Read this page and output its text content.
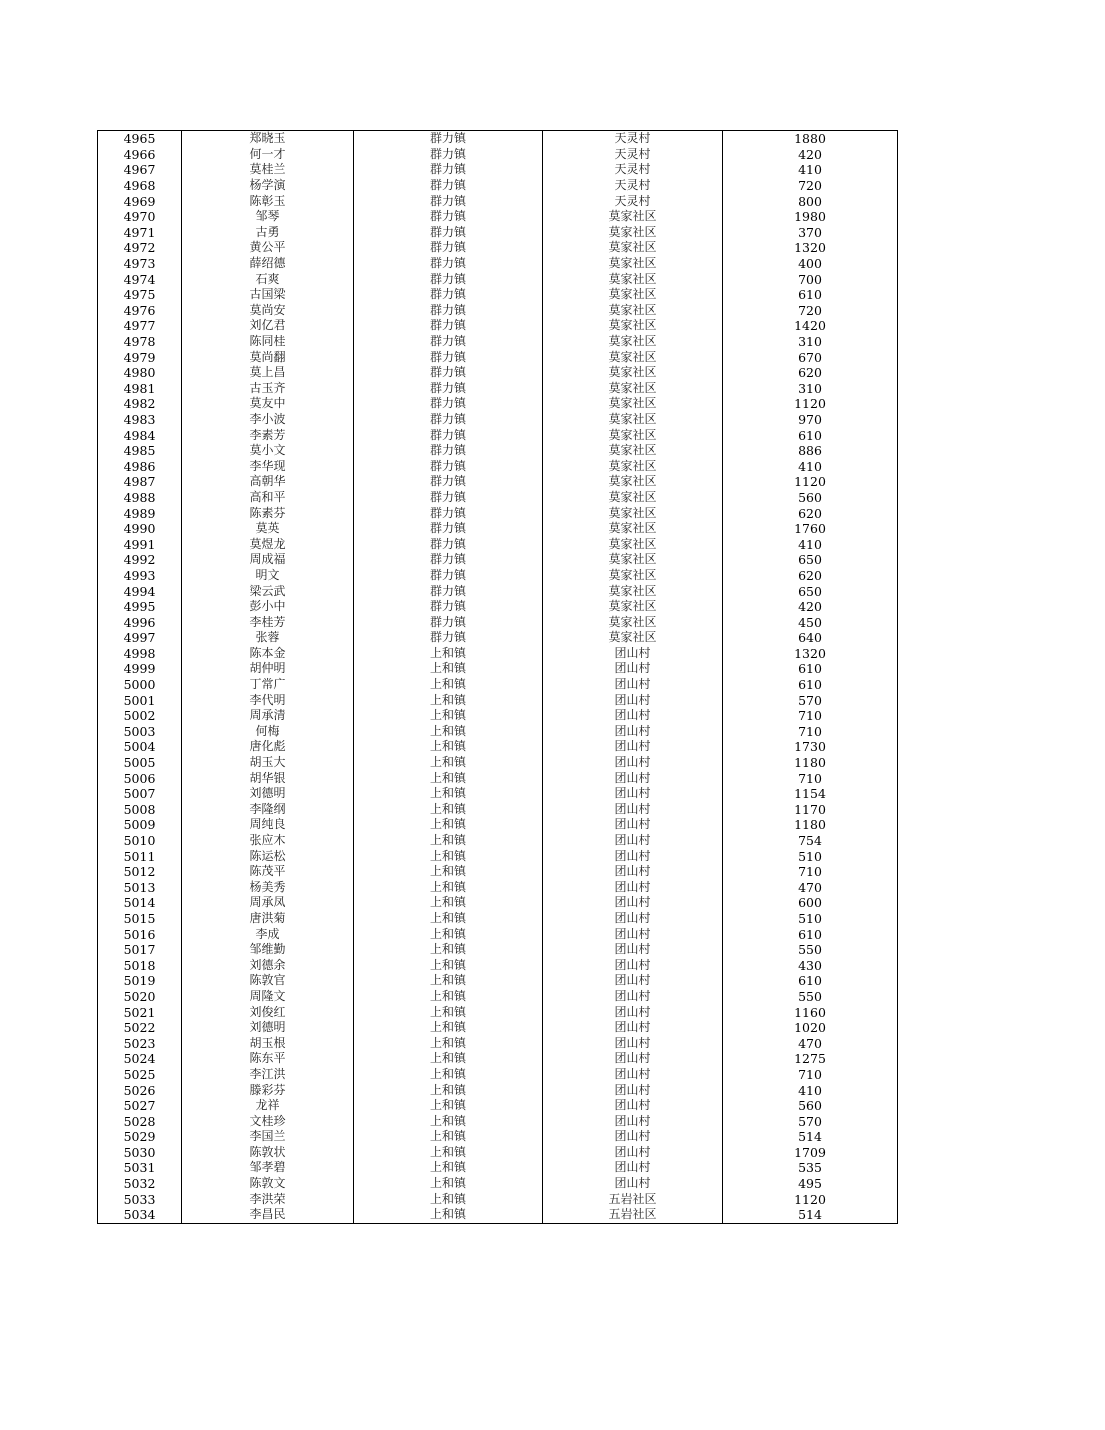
4965	郑晓玉	群力镇	天灵村	1880
4966	何一才	群力镇	天灵村	420
4967	莫桂兰	群力镇	天灵村	410
4968	杨学演	群力镇	天灵村	720
4969	陈彰玉	群力镇	天灵村	800
4970	邹琴	群力镇	莫家社区	1980
4971	古勇	群力镇	莫家社区	370
4972	黄公平	群力镇	莫家社区	1320
4973	薛绍德	群力镇	莫家社区	400
4974	石爽	群力镇	莫家社区	700
4975	古国梁	群力镇	莫家社区	610
4976	莫尚安	群力镇	莫家社区	720
4977	刘亿君	群力镇	莫家社区	1420
4978	陈同桂	群力镇	莫家社区	310
4979	莫尚翻	群力镇	莫家社区	670
4980	莫上昌	群力镇	莫家社区	620
4981	古玉齐	群力镇	莫家社区	310
4982	莫友中	群力镇	莫家社区	1120
4983	李小波	群力镇	莫家社区	970
4984	李素芳	群力镇	莫家社区	610
4985	莫小文	群力镇	莫家社区	886
4986	李华现	群力镇	莫家社区	410
4987	高朝华	群力镇	莫家社区	1120
4988	高和平	群力镇	莫家社区	560
4989	陈素芬	群力镇	莫家社区	620
4990	莫英	群力镇	莫家社区	1760
4991	莫煜龙	群力镇	莫家社区	410
4992	周成福	群力镇	莫家社区	650
4993	明文	群力镇	莫家社区	620
4994	梁云武	群力镇	莫家社区	650
4995	彭小中	群力镇	莫家社区	420
4996	李桂芳	群力镇	莫家社区	450
4997	张蓉	群力镇	莫家社区	640
4998	陈本金	上和镇	团山村	1320
4999	胡仲明	上和镇	团山村	610
5000	丁常广	上和镇	团山村	610
5001	李代明	上和镇	团山村	570
5002	周承清	上和镇	团山村	710
5003	何梅	上和镇	团山村	710
5004	唐化彪	上和镇	团山村	1730
5005	胡玉大	上和镇	团山村	1180
5006	胡华银	上和镇	团山村	710
5007	刘德明	上和镇	团山村	1154
5008	李隆纲	上和镇	团山村	1170
5009	周纯良	上和镇	团山村	1180
5010	张应木	上和镇	团山村	754
5011	陈运松	上和镇	团山村	510
5012	陈茂平	上和镇	团山村	710
5013	杨美秀	上和镇	团山村	470
5014	周承凤	上和镇	团山村	600
5015	唐洪菊	上和镇	团山村	510
5016	李成	上和镇	团山村	610
5017	邹维勤	上和镇	团山村	550
5018	刘德余	上和镇	团山村	430
5019	陈敦官	上和镇	团山村	610
5020	周隆文	上和镇	团山村	550
5021	刘俊红	上和镇	团山村	1160
5022	刘德明	上和镇	团山村	1020
5023	胡玉根	上和镇	团山村	470
5024	陈东平	上和镇	团山村	1275
5025	李江洪	上和镇	团山村	710
5026	滕彩芬	上和镇	团山村	410
5027	龙祥	上和镇	团山村	560
5028	文桂珍	上和镇	团山村	570
5029	李国兰	上和镇	团山村	514
5030	陈敦状	上和镇	团山村	1709
5031	邹孝碧	上和镇	团山村	535
5032	陈敦文	上和镇	团山村	495
5033	李洪荣	上和镇	五岩社区	1120
5034	李昌民	上和镇	五岩社区	514
